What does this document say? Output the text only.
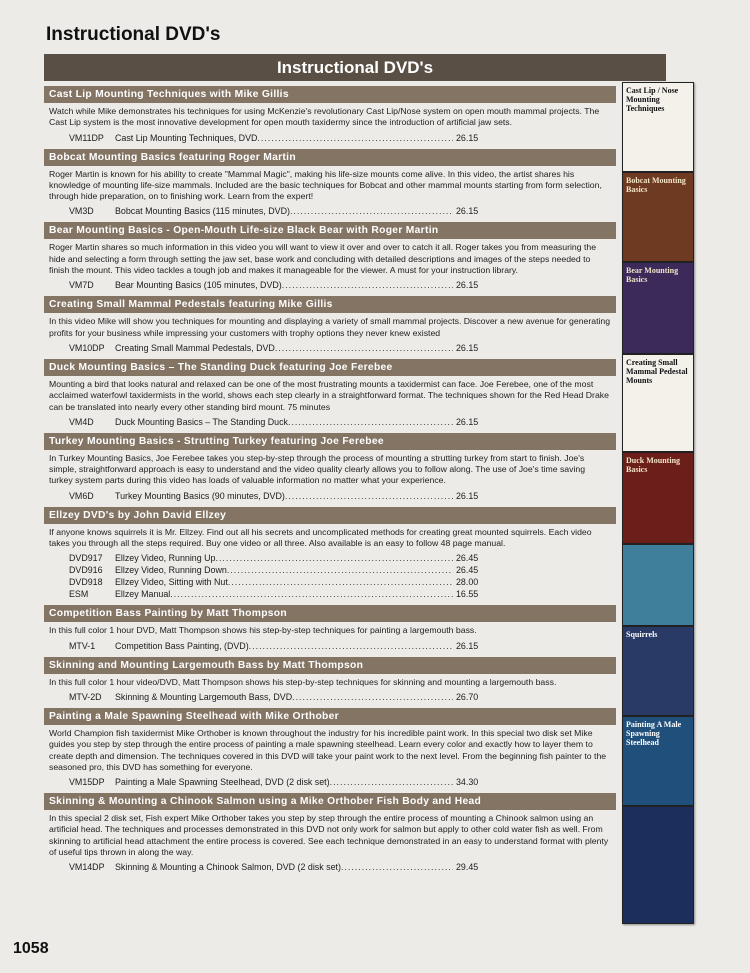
Instructional DVD's
Instructional DVD's
Cast Lip Mounting Techniques with Mike Gillis
Watch while Mike demonstrates his techniques for using McKenzie's revolutionary Cast Lip/Nose system on open mouth mammal projects. The Cast Lip system is the most innovative development for open mouth taxidermy since the introduction of artificial jaw sets.
VM11DP	Cast Lip Mounting Techniques, DVD .....	26.15
Bobcat Mounting Basics featuring Roger Martin
Roger Martin is known for his ability to create "Mammal Magic", making his life-size mounts come alive. In this video, the artist shares his knowledge of mounting life-size mammals. Included are the basic techniques for Bobcat and other mammal mounts starting from form selection, through hide preparation, on to finishing work. Learn from the expert!
VM3D	Bobcat Mounting Basics (115 minutes, DVD) .....	26.15
Bear Mounting Basics - Open-Mouth Life-size Black Bear with Roger Martin
Roger Martin shares so much information in this video you will want to view it over and over to catch it all. Roger takes you from measuring the hide and selecting a form through setting the jaw set, base work and concluding with detailed descriptions and images of the steps needed to finish the mount. This video tackles a tough job and makes it manageable for the viewer. A must for your instruction library.
VM7D	Bear Mounting Basics (105 minutes, DVD) .....	26.15
Creating Small Mammal Pedestals featuring Mike Gillis
In this video Mike will show you techniques for mounting and displaying a variety of small mammal projects. Discover a new avenue for generating profits for your business while impressing your customers with trophy options they never knew existed
VM10DP	Creating Small Mammal Pedestals, DVD .....	26.15
Duck Mounting Basics – The Standing Duck featuring Joe Ferebee
Mounting a bird that looks natural and relaxed can be one of the most frustrating mounts a taxidermist can face. Joe Ferebee, one of the most acclaimed waterfowl taxidermists in the world, shows each step clearly in a straightforward format. The techniques shown for the Red Head Drake can be translated into nearly every other standing bird mount. 75 minutes
VM4D	Duck Mounting Basics – The Standing Duck .....	26.15
Turkey Mounting Basics - Strutting Turkey featuring Joe Ferebee
In Turkey Mounting Basics, Joe Ferebee takes you step-by-step through the process of mounting a strutting turkey from start to finish. Joe's simple, straightforward approach is easy to understand and the video quality clearly allows you to follow along. The use of Joe's time saving turkey system parts during this video has loads of valuable information no matter what your experience.
VM6D	Turkey Mounting Basics (90 minutes, DVD) .....	26.15
Ellzey DVD's by John David Ellzey
If anyone knows squirrels it is Mr. Ellzey. Find out all his secrets and uncomplicated methods for creating great mounted squirrels. Each video takes you through all the steps required. Buy one video or all three. Also available is an easy to follow 48 page manual.
DVD917	Ellzey Video, Running Up .....	26.45
DVD916	Ellzey Video, Running Down .....	26.45
DVD918	Ellzey Video, Sitting with Nut .....	28.00
ESM	Ellzey Manual .....	16.55
Competition Bass Painting by Matt Thompson
In this full color 1 hour DVD, Matt Thompson shows his step-by-step techniques for painting a largemouth bass.
MTV-1	Competition Bass Painting, (DVD) .....	26.15
Skinning and Mounting Largemouth Bass by Matt Thompson
In this full color 1 hour video/DVD, Matt Thompson shows his step-by-step techniques for skinning and mounting a largemouth bass.
MTV-2D	Skinning & Mounting Largemouth Bass, DVD .....	26.70
Painting a Male Spawning Steelhead with Mike Orthober
World Champion fish taxidermist Mike Orthober is known throughout the industry for his incredible paint work. In this special two disk set Mike guides you step by step through the entire process of painting a male spawning steelhead. Learn every color and exactly how to layer them to create depth and dimension. The techniques covered in this DVD will take your paint work to the next level. From the beginning fish painter to the seasoned pro, this DVD has something for everyone.
VM15DP	Painting a Male Spawning Steelhead, DVD (2 disk set) .....	34.30
Skinning & Mounting a Chinook Salmon using a Mike Orthober Fish Body and Head
In this special 2 disk set, Fish expert Mike Orthober takes you step by step through the entire process of mounting a Chinook salmon using an artificial head. The techniques and processes demonstrated in this DVD not only work for salmon but apply to other cold water fish as well. From skinning to artificial head attachment the entire process is covered. See each technique demonstrated in an easy to understand format with plenty of useful tips thrown in along the way.
VM14DP	Skinning & Mounting a Chinook Salmon, DVD (2 disk set) .....	29.45
Cast Lip / Nose Mounting Techniques
Bobcat Mounting Basics
Bear Mounting Basics
Creating Small Mammal Pedestal Mounts
Duck Mounting Basics
Squirrels
Painting A Male Spawning Steelhead
1058
